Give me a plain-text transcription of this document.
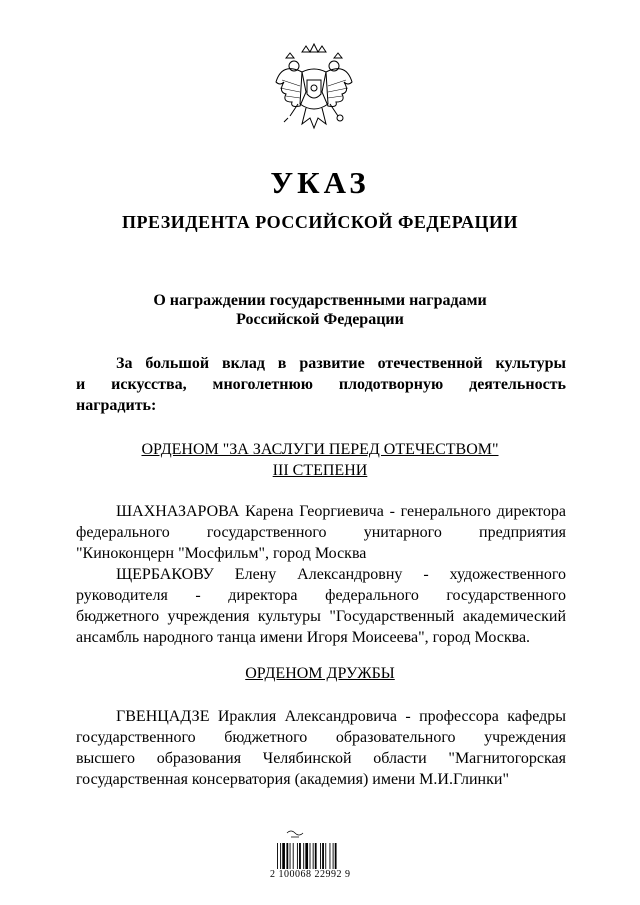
УКАЗ
ПРЕЗИДЕНТА РОССИЙСКОЙ ФЕДЕРАЦИИ
О награждении государственными наградами
Российской Федерации
За большой вклад в развитие отечественной культуры
и искусства, многолетнюю плодотворную деятельность
наградить:
ОРДЕНОМ "ЗА ЗАСЛУГИ ПЕРЕД ОТЕЧЕСТВОМ"
III СТЕПЕНИ
ШАХНАЗАРОВА Карена Георгиевича - генерального директора
федерального государственного унитарного предприятия
"Киноконцерн "Мосфильм", город Москва
ЩЕРБАКОВУ Елену Александровну - художественного
руководителя - директора федерального государственного
бюджетного учреждения культуры "Государственный академический
ансамбль народного танца имени Игоря Моисеева", город Москва.
ОРДЕНОМ ДРУЖБЫ
ГВЕНЦАДЗЕ Ираклия Александровича - профессора кафедры
государственного бюджетного образовательного учреждения
высшего образования Челябинской области "Магнитогорская
государственная консерватория (академия) имени М.И.Глинки"
2 100068 22992 9
